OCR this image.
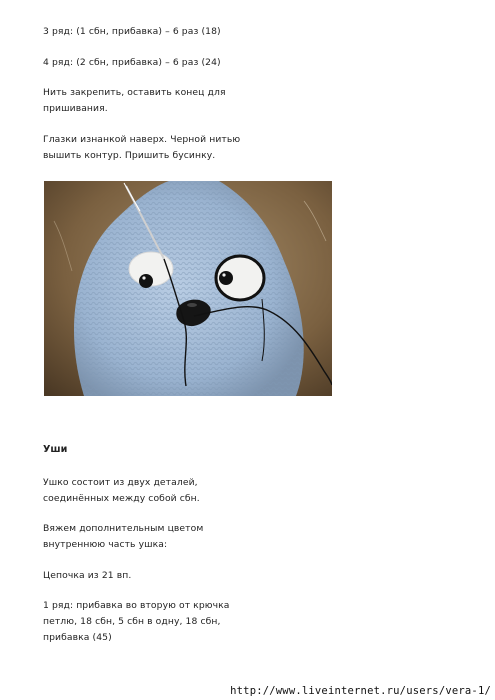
3 ряд: (1 сбн, прибавка) – 6 раз (18)

4 ряд: (2 сбн, прибавка) – 6 раз (24)

Нить закрепить, оставить конец для
пришивания.

Глазки изнанкой наверх. Черной нитью
вышить контур. Пришить бусинку.

Уши

Ушко состоит из двух деталей,
соединённых между собой сбн.

Вяжем дополнительным цветом
внутреннюю часть ушка:

Цепочка из 21 вп.

1 ряд: прибавка во вторую от крючка
петлю, 18 сбн, 5 сбн в одну, 18 сбн,
прибавка (45)

http://www.liveinternet.ru/users/vera-1/
